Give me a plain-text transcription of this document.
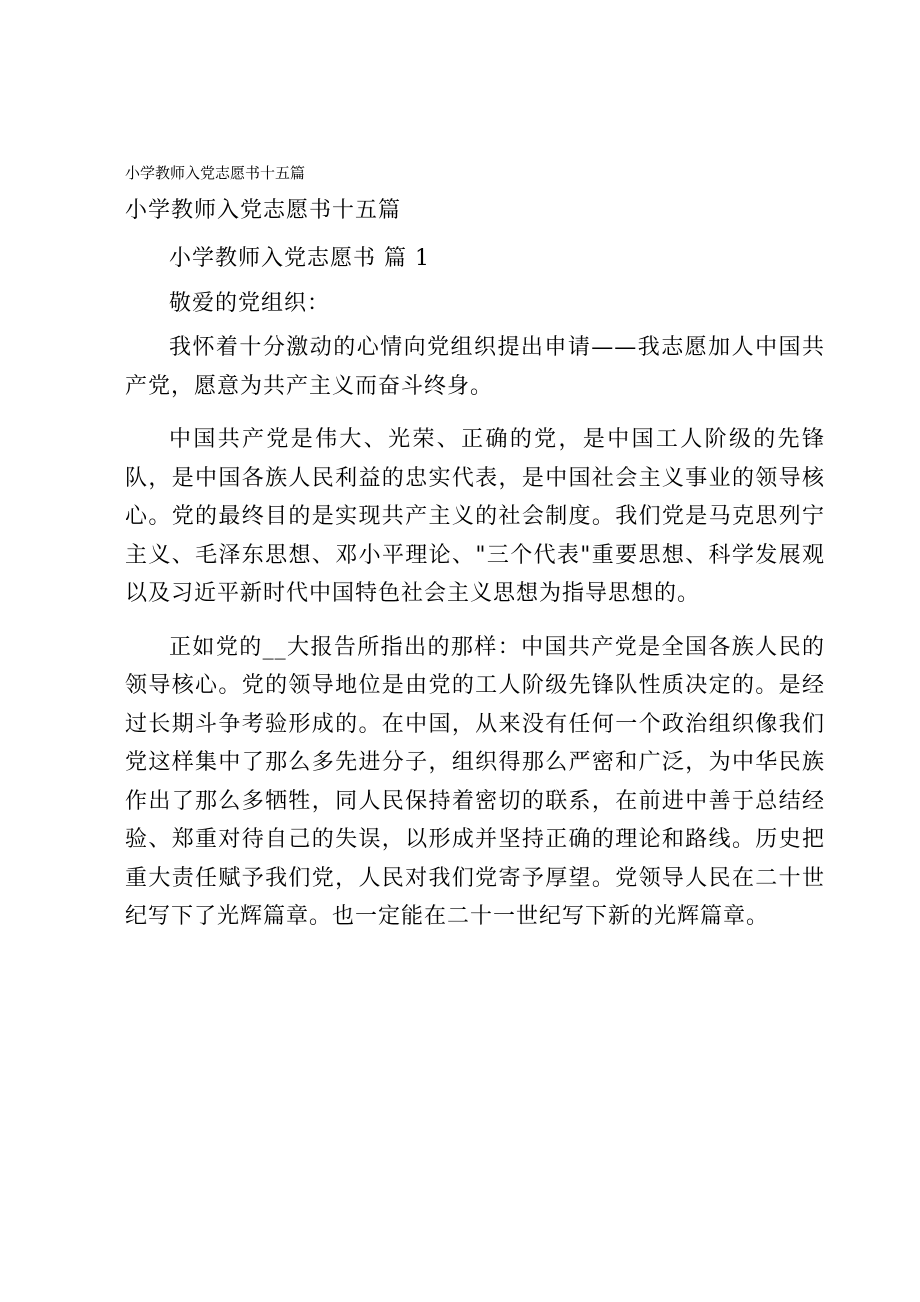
小学教师入党志愿书十五篇
小学教师入党志愿书十五篇

小学教师入党志愿书 篇 1

敬爱的党组织：

我怀着十分激动的心情向党组织提出申请——我志愿加人中国共产党，愿意为共产主义而奋斗终身。

中国共产党是伟大、光荣、正确的党，是中国工人阶级的先锋队，是中国各族人民利益的忠实代表，是中国社会主义事业的领导核心。党的最终目的是实现共产主义的社会制度。我们党是马克思列宁主义、毛泽东思想、邓小平理论、"三个代表"重要思想、科学发展观以及习近平新时代中国特色社会主义思想为指导思想的。

正如党的__大报告所指出的那样：中国共产党是全国各族人民的领导核心。党的领导地位是由党的工人阶级先锋队性质决定的。是经过长期斗争考验形成的。在中国，从来没有任何一个政治组织像我们党这样集中了那么多先进分子，组织得那么严密和广泛，为中华民族作出了那么多牺牲，同人民保持着密切的联系，在前进中善于总结经验、郑重对待自己的失误，以形成并坚持正确的理论和路线。历史把重大责任赋予我们党，人民对我们党寄予厚望。党领导人民在二十世纪写下了光辉篇章。也一定能在二十一世纪写下新的光辉篇章。
